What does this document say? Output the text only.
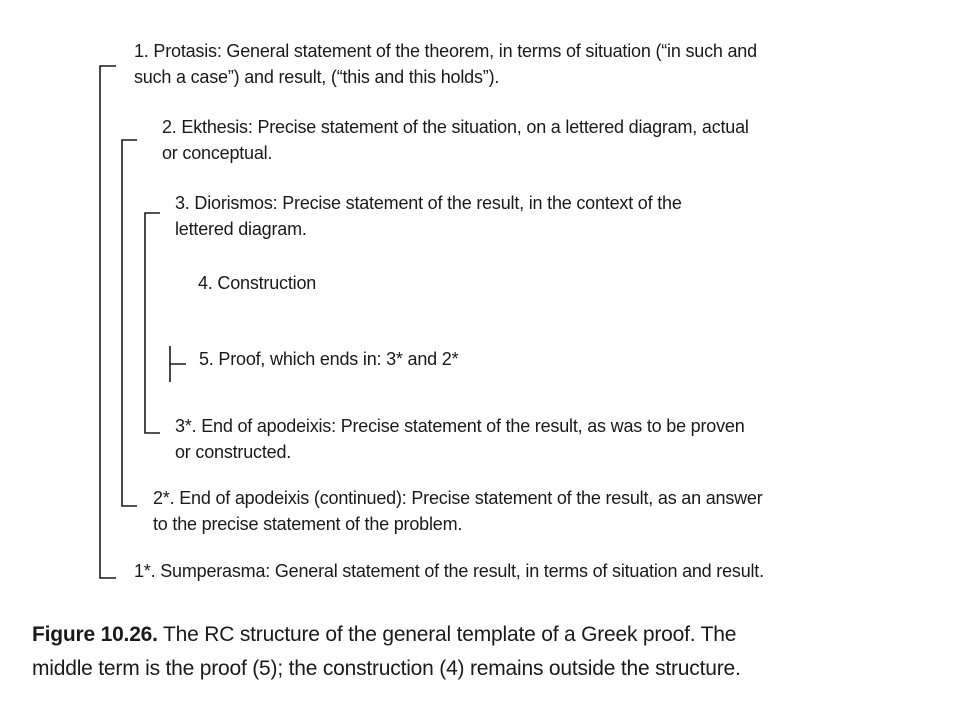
1. Protasis: General statement of the theorem, in terms of situation (“in such and
such a case”) and result, (“this and this holds”).
2. Ekthesis: Precise statement of the situation, on a lettered diagram, actual
or conceptual.
3. Diorismos: Precise statement of the result, in the context of the
lettered diagram.
4. Construction
5. Proof, which ends in: 3* and 2*
3*. End of apodeixis: Precise statement of the result, as was to be proven
or constructed.
2*. End of apodeixis (continued): Precise statement of the result, as an answer
to the precise statement of the problem.
1*. Sumperasma: General statement of the result, in terms of situation and result.
Figure 10.26. The RC structure of the general template of a Greek proof. The
middle term is the proof (5); the construction (4) remains outside the structure.
